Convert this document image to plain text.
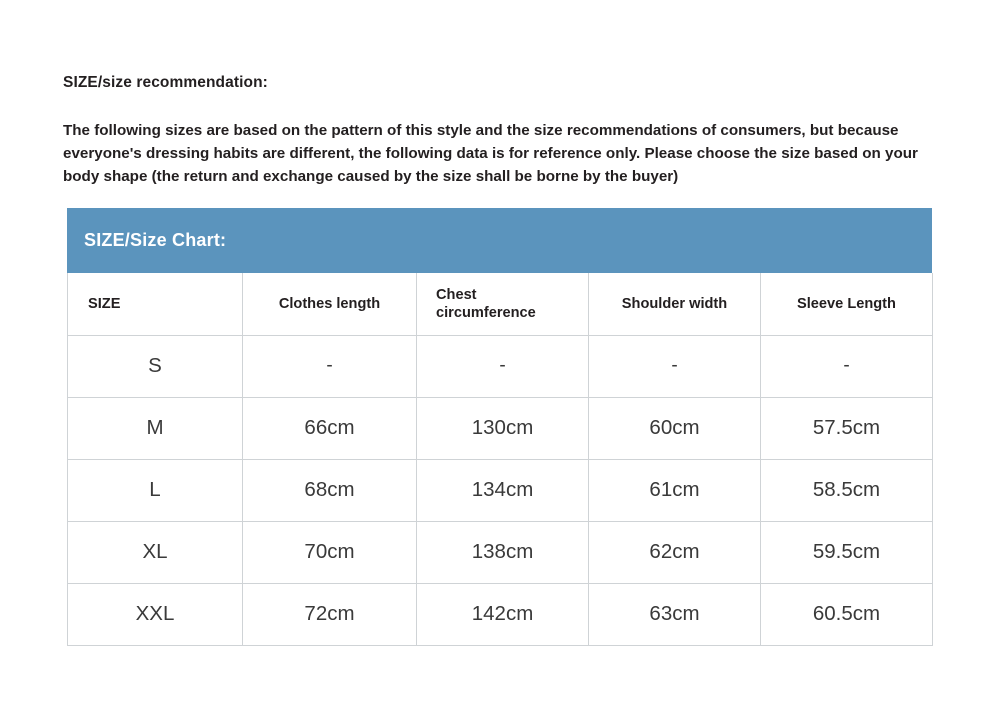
SIZE/size recommendation:
The following sizes are based on the pattern of this style and the size recommendations of consumers, but because everyone's dressing habits are different, the following data is for reference only. Please choose the size based on your body shape (the return and exchange caused by the size shall be borne by the buyer)
SIZE/Size Chart:
SIZE	Clothes length	Chest circumference	Shoulder width	Sleeve Length
S	-	-	-	-
M	66cm	130cm	60cm	57.5cm
L	68cm	134cm	61cm	58.5cm
XL	70cm	138cm	62cm	59.5cm
XXL	72cm	142cm	63cm	60.5cm
